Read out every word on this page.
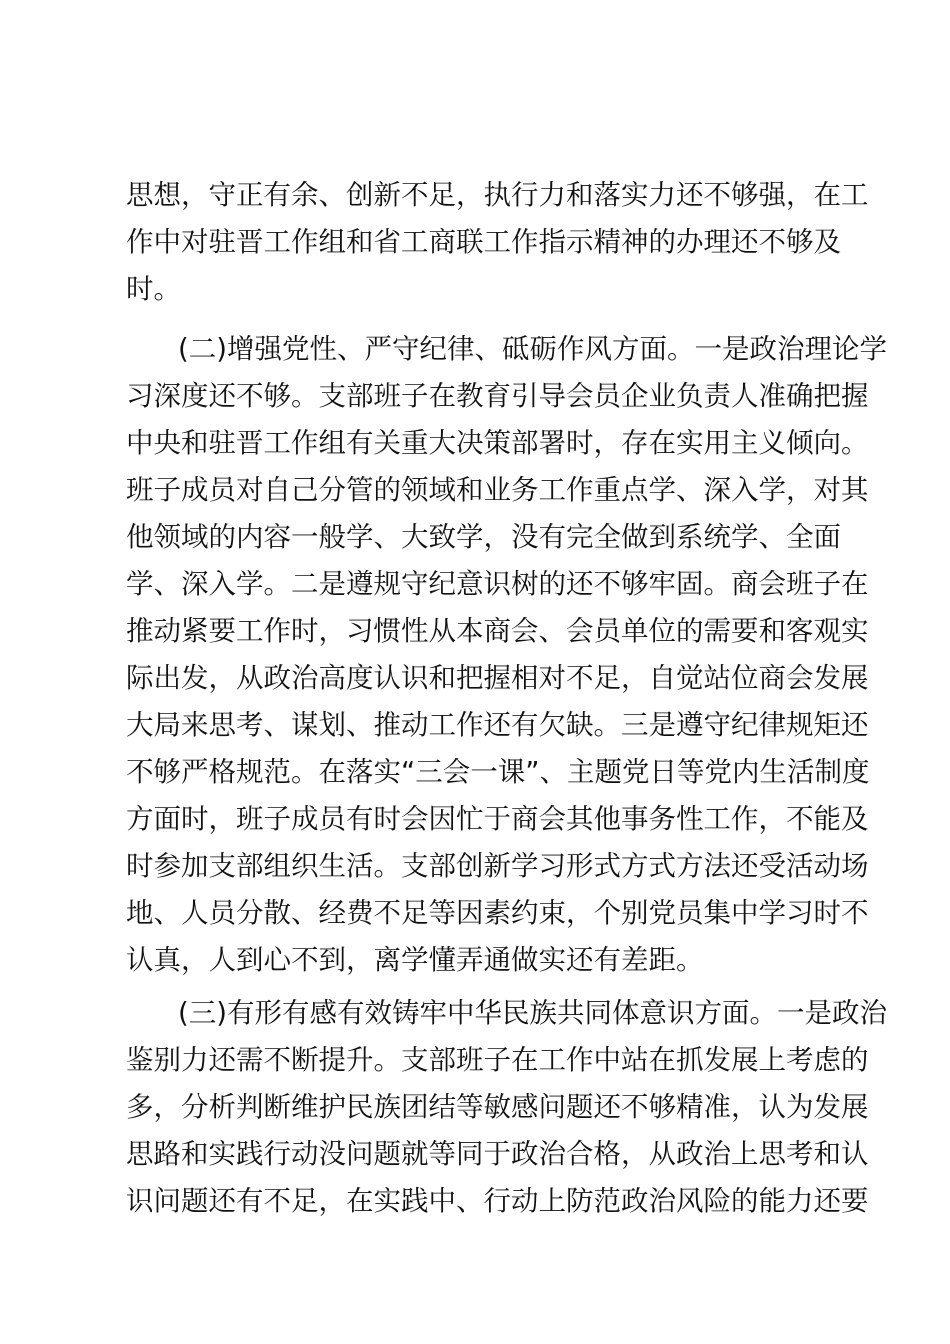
思想，守正有余、创新不足，执行力和落实力还不够强，在工
作中对驻晋工作组和省工商联工作指示精神的办理还不够及
时。
(二)增强党性、严守纪律、砥砺作风方面。一是政治理论学
习深度还不够。支部班子在教育引导会员企业负责人准确把握
中央和驻晋工作组有关重大决策部署时，存在实用主义倾向。
班子成员对自己分管的领域和业务工作重点学、深入学，对其
他领域的内容一般学、大致学，没有完全做到系统学、全面
学、深入学。二是遵规守纪意识树的还不够牢固。商会班子在
推动紧要工作时，习惯性从本商会、会员单位的需要和客观实
际出发，从政治高度认识和把握相对不足，自觉站位商会发展
大局来思考、谋划、推动工作还有欠缺。三是遵守纪律规矩还
不够严格规范。在落实“三会一课”、主题党日等党内生活制度
方面时，班子成员有时会因忙于商会其他事务性工作，不能及
时参加支部组织生活。支部创新学习形式方式方法还受活动场
地、人员分散、经费不足等因素约束，个别党员集中学习时不
认真，人到心不到，离学懂弄通做实还有差距。
(三)有形有感有效铸牢中华民族共同体意识方面。一是政治
鉴别力还需不断提升。支部班子在工作中站在抓发展上考虑的
多，分析判断维护民族团结等敏感问题还不够精准，认为发展
思路和实践行动没问题就等同于政治合格，从政治上思考和认
识问题还有不足，在实践中、行动上防范政治风险的能力还要
